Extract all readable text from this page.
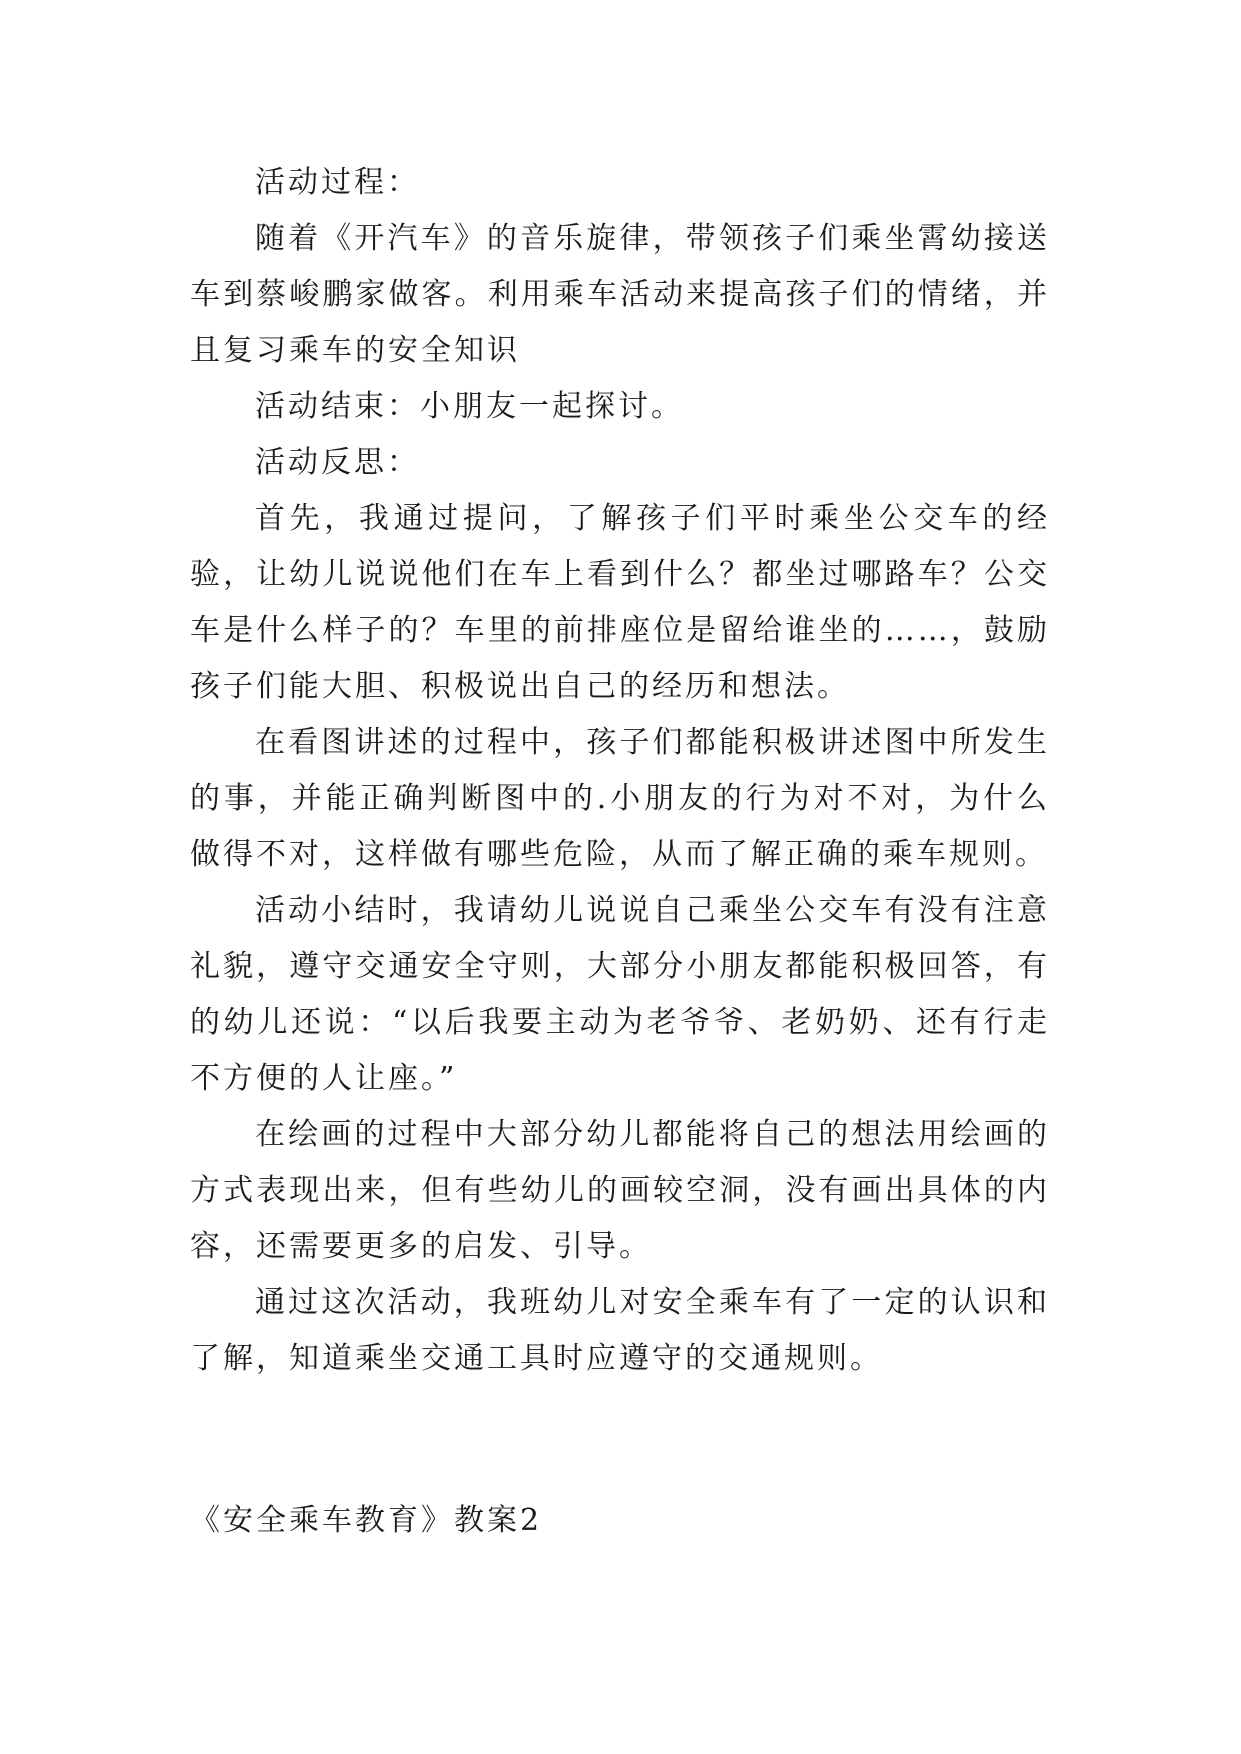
活动过程：

随着《开汽车》的音乐旋律，带领孩子们乘坐霄幼接送车到蔡峻鹏家做客。利用乘车活动来提高孩子们的情绪，并且复习乘车的安全知识

活动结束：小朋友一起探讨。

活动反思：

首先，我通过提问，了解孩子们平时乘坐公交车的经验，让幼儿说说他们在车上看到什么？都坐过哪路车？公交车是什么样子的？车里的前排座位是留给谁坐的……，鼓励孩子们能大胆、积极说出自己的经历和想法。

在看图讲述的过程中，孩子们都能积极讲述图中所发生的事，并能正确判断图中的.小朋友的行为对不对，为什么做得不对，这样做有哪些危险，从而了解正确的乘车规则。

活动小结时，我请幼儿说说自己乘坐公交车有没有注意礼貌，遵守交通安全守则，大部分小朋友都能积极回答，有的幼儿还说：“以后我要主动为老爷爷、老奶奶、还有行走不方便的人让座。”

在绘画的过程中大部分幼儿都能将自己的想法用绘画的方式表现出来，但有些幼儿的画较空洞，没有画出具体的内容，还需要更多的启发、引导。

通过这次活动，我班幼儿对安全乘车有了一定的认识和了解，知道乘坐交通工具时应遵守的交通规则。

《安全乘车教育》教案2
